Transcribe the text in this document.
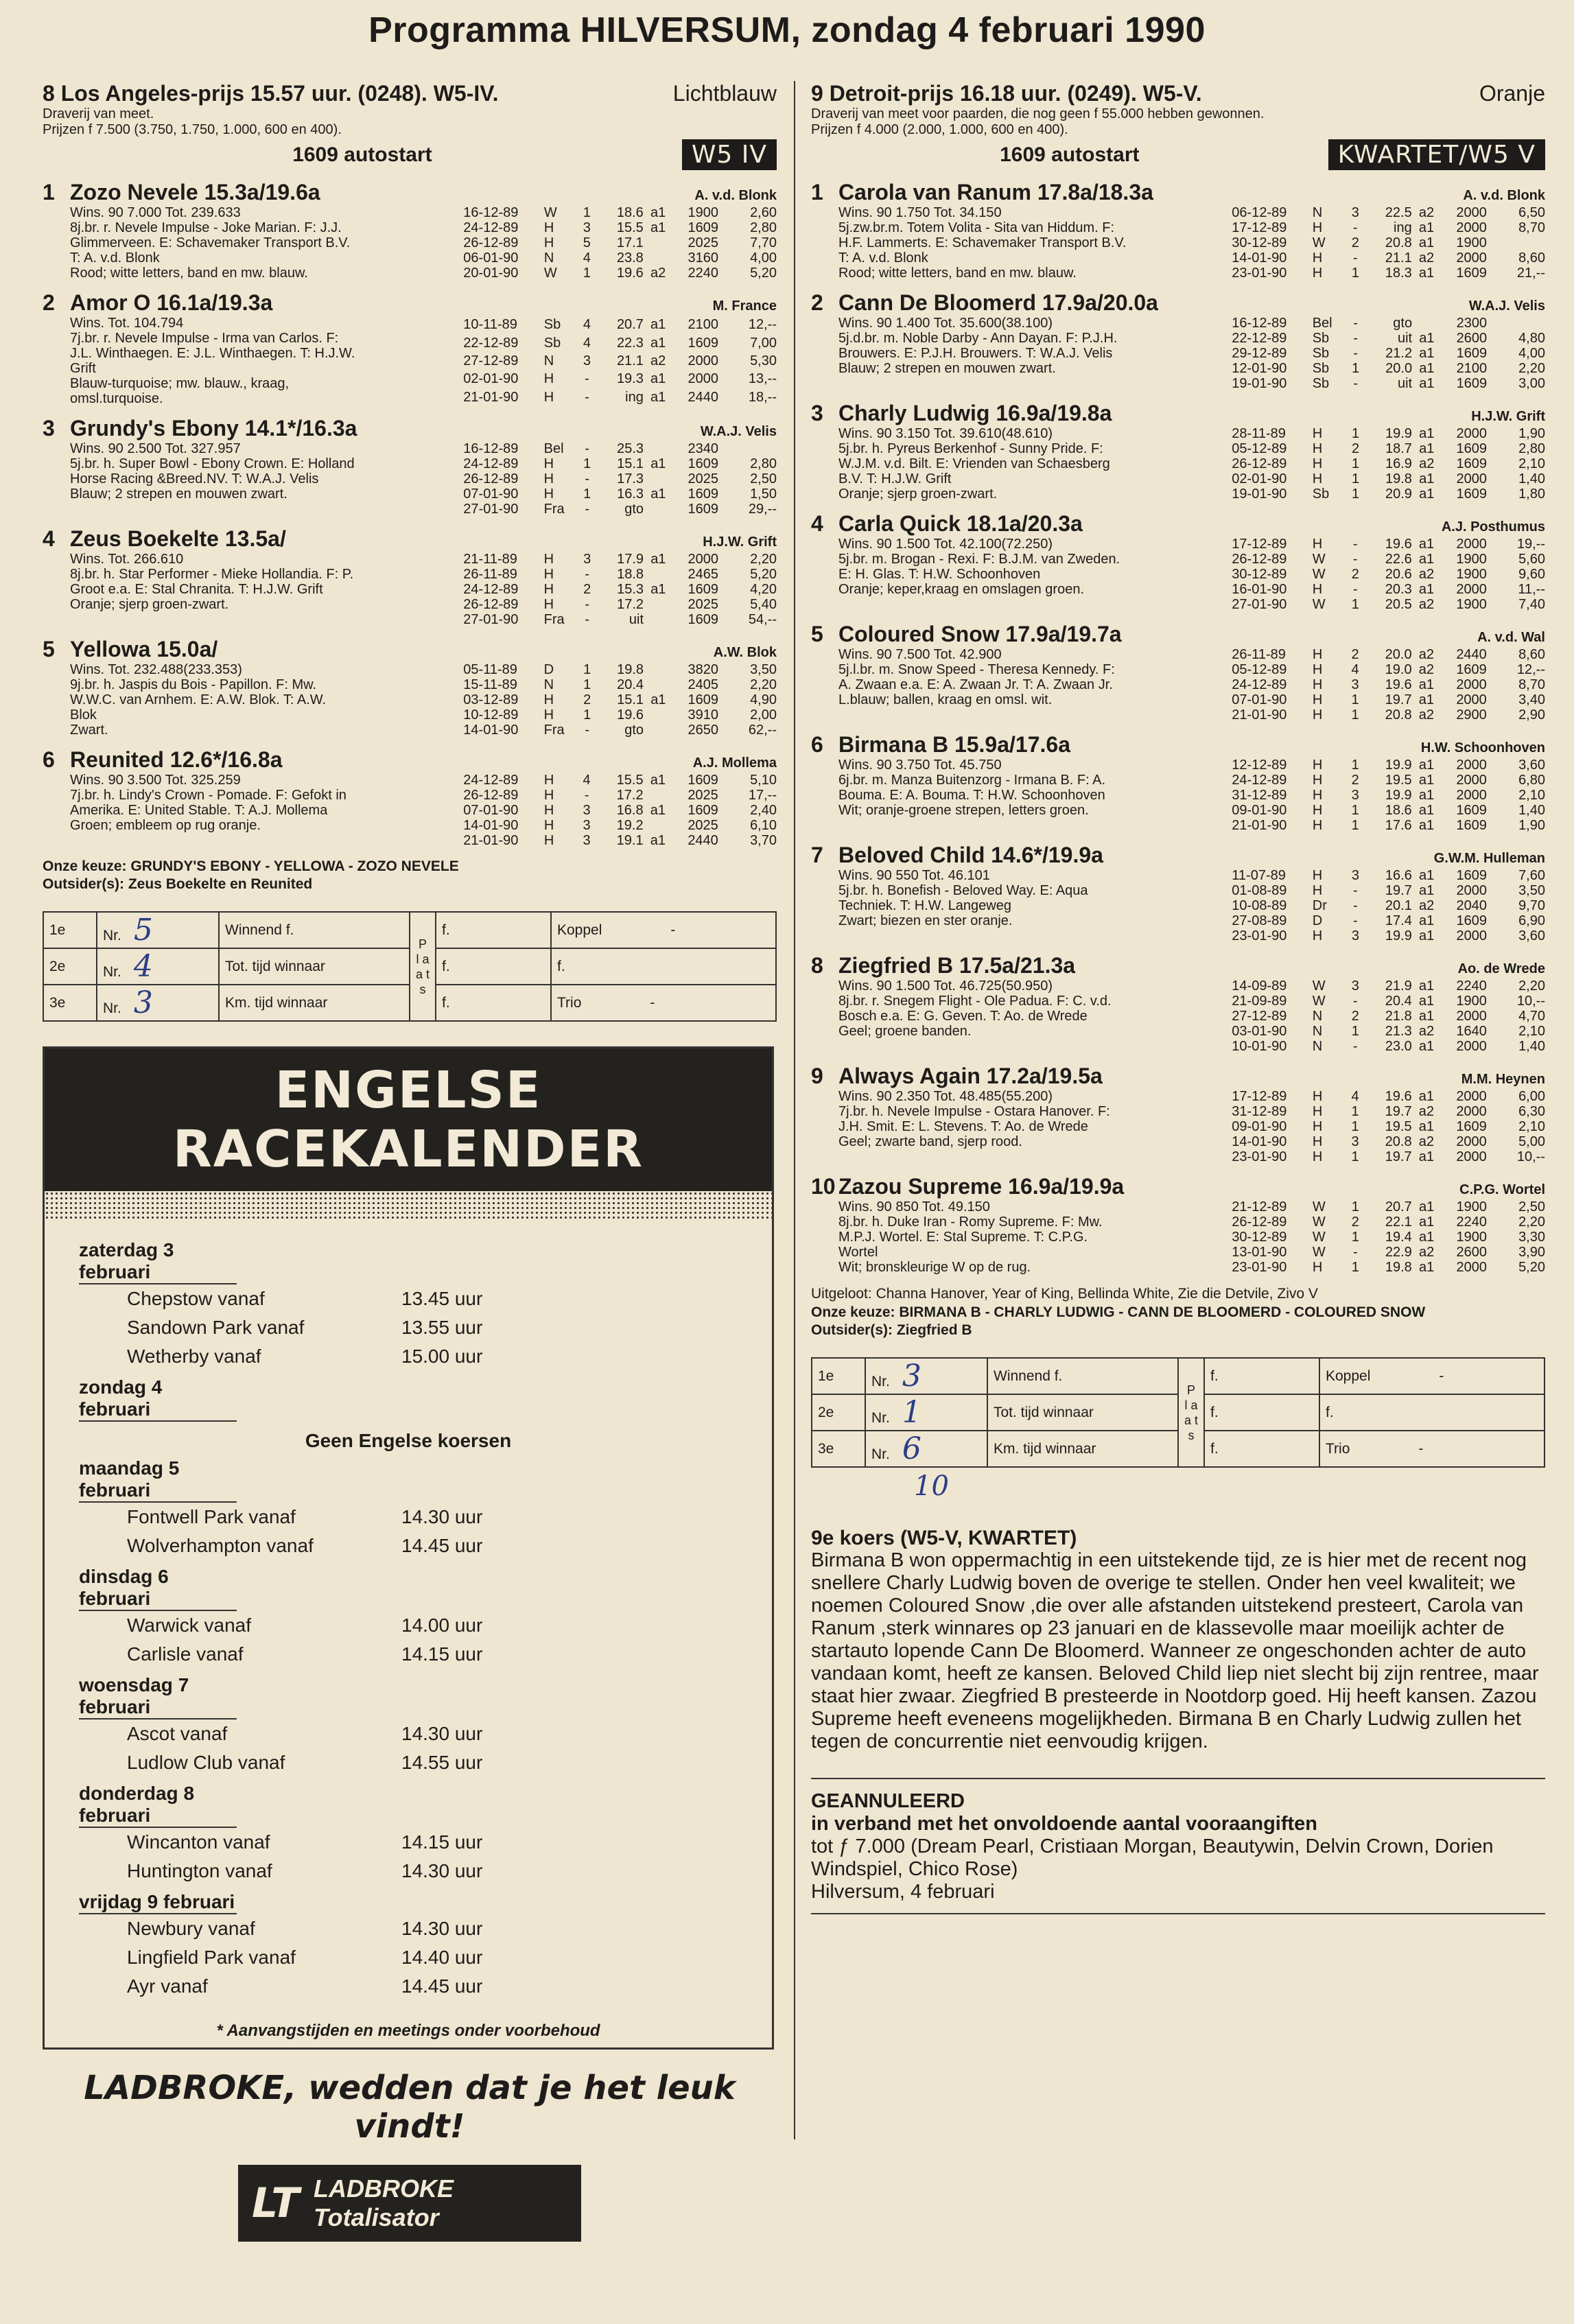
Programma HILVERSUM, zondag 4 februari 1990
8 Los Angeles-prijs 15.57 uur. (0248). W5-IV.	Lichtblauw
Draverij van meet.
Prijzen f 7.500 (3.750, 1.750, 1.000, 600 en 400).
1609 autostart	W5 IV
1 Zozo Nevele 15.3a/19.6a	A. v.d. Blonk
Wins. 90 7.000 Tot. 239.633
8j.br. r. Nevele Impulse - Joke Marian. F: J.J.
Glimmerveen. E: Schavemaker Transport B.V.
T: A. v.d. Blonk
Rood; witte letters, band en mw. blauw.
16-12-89	W	1	18.6	a1	1900	2,60
24-12-89	H	3	15.5	a1	1609	2,80
26-12-89	H	5	17.1		2025	7,70
06-01-90	N	4	23.8		3160	4,00
20-01-90	W	1	19.6	a2	2240	5,20
2 Amor O 16.1a/19.3a	M. France
Wins. Tot. 104.794
7j.br. r. Nevele Impulse - Irma van Carlos. F:
J.L. Winthaegen. E: J.L. Winthaegen. T: H.J.W.
Grift
Blauw-turquoise; mw. blauw., kraag,
omsl.turquoise.
10-11-89	Sb	4	20.7	a1	2100	12,--
22-12-89	Sb	4	22.3	a1	1609	7,00
27-12-89	N	3	21.1	a2	2000	5,30
02-01-90	H	-	19.3	a1	2000	13,--
21-01-90	H	-	ing	a1	2440	18,--
3 Grundy's Ebony 14.1*/16.3a	W.A.J. Velis
Wins. 90 2.500 Tot. 327.957
5j.br. h. Super Bowl - Ebony Crown. E: Holland
Horse Racing &Breed.NV. T: W.A.J. Velis
Blauw; 2 strepen en mouwen zwart.
16-12-89	Bel	-	25.3		2340	
24-12-89	H	1	15.1	a1	1609	2,80
26-12-89	H	-	17.3		2025	2,50
07-01-90	H	1	16.3	a1	1609	1,50
27-01-90	Fra	-	gto		1609	29,--
4 Zeus Boekelte 13.5a/	H.J.W. Grift
Wins. Tot. 266.610
8j.br. h. Star Performer - Mieke Hollandia. F: P.
Groot e.a. E: Stal Chranita. T: H.J.W. Grift
Oranje; sjerp groen-zwart.
21-11-89	H	3	17.9	a1	2000	2,20
26-11-89	H	-	18.8		2465	5,20
24-12-89	H	2	15.3	a1	1609	4,20
26-12-89	H	-	17.2		2025	5,40
27-01-90	Fra	-	uit		1609	54,--
5 Yellowa 15.0a/	A.W. Blok
Wins. Tot. 232.488(233.353)
9j.br. h. Jaspis du Bois - Papillon. F: Mw.
W.W.C. van Arnhem. E: A.W. Blok. T: A.W.
Blok
Zwart.
05-11-89	D	1	19.8		3820	3,50
15-11-89	N	1	20.4		2405	2,20
03-12-89	H	2	15.1	a1	1609	4,90
10-12-89	H	1	19.6		3910	2,00
14-01-90	Fra	-	gto		2650	62,--
6 Reunited 12.6*/16.8a	A.J. Mollema
Wins. 90 3.500 Tot. 325.259
7j.br. h. Lindy's Crown - Pomade. F: Gefokt in
Amerika. E: United Stable. T: A.J. Mollema
Groen; embleem op rug oranje.
24-12-89	H	4	15.5	a1	1609	5,10
26-12-89	H	-	17.2		2025	17,--
07-01-90	H	3	16.8	a1	1609	2,40
14-01-90	H	3	19.2		2025	6,10
21-01-90	H	3	19.1	a1	2440	3,70
Onze keuze: GRUNDY'S EBONY - YELLOWA - ZOZO NEVELE
Outsider(s): Zeus Boekelte en Reunited
1e	Nr. 5	Winnend f.	P l a a t s	f.	Koppel -
2e	Nr. 4	Tot. tijd winnaar		f.	f.
3e	Nr. 3	Km. tijd winnaar		f.	Trio -
ENGELSE RACEKALENDER
zaterdag 3 februari
Chepstow vanaf	13.45 uur
Sandown Park vanaf	13.55 uur
Wetherby vanaf	15.00 uur
zondag 4 februari
Geen Engelse koersen
maandag 5 februari
Fontwell Park vanaf	14.30 uur
Wolverhampton vanaf	14.45 uur
dinsdag 6 februari
Warwick vanaf	14.00 uur
Carlisle vanaf	14.15 uur
woensdag 7 februari
Ascot vanaf	14.30 uur
Ludlow Club vanaf	14.55 uur
donderdag 8 februari
Wincanton vanaf	14.15 uur
Huntington vanaf	14.30 uur
vrijdag 9 februari
Newbury vanaf	14.30 uur
Lingfield Park vanaf	14.40 uur
Ayr vanaf	14.45 uur
* Aanvangstijden en meetings onder voorbehoud
LADBROKE, wedden dat je het leuk vindt!
LT LADBROKE
Totalisator
9 Detroit-prijs 16.18 uur. (0249). W5-V.	Oranje
Draverij van meet voor paarden, die nog geen f 55.000 hebben gewonnen.
Prijzen f 4.000 (2.000, 1.000, 600 en 400).
1609 autostart	KWARTET/W5 V
1 Carola van Ranum 17.8a/18.3a	A. v.d. Blonk
Wins. 90 1.750 Tot. 34.150
5j.zw.br.m. Totem Volita - Sita van Hiddum. F:
H.F. Lammerts. E: Schavemaker Transport B.V.
T: A. v.d. Blonk
Rood; witte letters, band en mw. blauw.
06-12-89	N	3	22.5	a2	2000	6,50
17-12-89	H	-	ing	a1	2000	8,70
30-12-89	W	2	20.8	a1	1900	
14-01-90	H	-	21.1	a2	2000	8,60
23-01-90	H	1	18.3	a1	1609	21,--
2 Cann De Bloomerd 17.9a/20.0a	W.A.J. Velis
Wins. 90 1.400 Tot. 35.600(38.100)
5j.d.br. m. Noble Darby - Ann Dayan. F: P.J.H.
Brouwers. E: P.J.H. Brouwers. T: W.A.J. Velis
Blauw; 2 strepen en mouwen zwart.
16-12-89	Bel	-	gto		2300	
22-12-89	Sb	-	uit	a1	2600	4,80
29-12-89	Sb	-	21.2	a1	1609	4,00
12-01-90	Sb	1	20.0	a1	2100	2,20
19-01-90	Sb	-	uit	a1	1609	3,00
3 Charly Ludwig 16.9a/19.8a	H.J.W. Grift
Wins. 90 3.150 Tot. 39.610(48.610)
5j.br. h. Pyreus Berkenhof - Sunny Pride. F:
W.J.M. v.d. Bilt. E: Vrienden van Schaesberg
B.V. T: H.J.W. Grift
Oranje; sjerp groen-zwart.
28-11-89	H	1	19.9	a1	2000	1,90
05-12-89	H	2	18.7	a1	1609	2,80
26-12-89	H	1	16.9	a2	1609	2,10
02-01-90	H	1	19.8	a1	2000	1,40
19-01-90	Sb	1	20.9	a1	1609	1,80
4 Carla Quick 18.1a/20.3a	A.J. Posthumus
Wins. 90 1.500 Tot. 42.100(72.250)
5j.br. m. Brogan - Rexi. F: B.J.M. van Zweden.
E: H. Glas. T: H.W. Schoonhoven
Oranje; keper,kraag en omslagen groen.
17-12-89	H	-	19.6	a1	2000	19,--
26-12-89	W	-	22.6	a1	1900	5,60
30-12-89	W	2	20.6	a2	1900	9,60
16-01-90	H	-	20.3	a1	2000	11,--
27-01-90	W	1	20.5	a2	1900	7,40
5 Coloured Snow 17.9a/19.7a	A. v.d. Wal
Wins. 90 7.500 Tot. 42.900
5j.l.br. m. Snow Speed - Theresa Kennedy. F:
A. Zwaan e.a. E: A. Zwaan Jr. T: A. Zwaan Jr.
L.blauw; ballen, kraag en omsl. wit.
26-11-89	H	2	20.0	a2	2440	8,60
05-12-89	H	4	19.0	a2	1609	12,--
24-12-89	H	3	19.6	a1	2000	8,70
07-01-90	H	1	19.7	a1	2000	3,40
21-01-90	H	1	20.8	a2	2900	2,90
6 Birmana B 15.9a/17.6a	H.W. Schoonhoven
Wins. 90 3.750 Tot. 45.750
6j.br. m. Manza Buitenzorg - Irmana B. F: A.
Bouma. E: A. Bouma. T: H.W. Schoonhoven
Wit; oranje-groene strepen, letters groen.
12-12-89	H	1	19.9	a1	2000	3,60
24-12-89	H	2	19.5	a1	2000	6,80
31-12-89	H	3	19.9	a1	2000	2,10
09-01-90	H	1	18.6	a1	1609	1,40
21-01-90	H	1	17.6	a1	1609	1,90
7 Beloved Child 14.6*/19.9a	G.W.M. Hulleman
Wins. 90 550 Tot. 46.101
5j.br. h. Bonefish - Beloved Way. E: Aqua
Techniek. T: H.W. Langeweg
Zwart; biezen en ster oranje.
11-07-89	H	3	16.6	a1	1609	7,60
01-08-89	H	-	19.7	a1	2000	3,50
10-08-89	Dr	-	20.1	a2	2040	9,70
27-08-89	D	-	17.4	a1	1609	6,90
23-01-90	H	3	19.9	a1	2000	3,60
8 Ziegfried B 17.5a/21.3a	Ao. de Wrede
Wins. 90 1.500 Tot. 46.725(50.950)
8j.br. r. Snegem Flight - Ole Padua. F: C. v.d.
Bosch e.a. E: G. Geven. T: Ao. de Wrede
Geel; groene banden.
14-09-89	W	3	21.9	a1	2240	2,20
21-09-89	W	-	20.4	a1	1900	10,--
27-12-89	N	2	21.8	a1	2000	4,70
03-01-90	N	1	21.3	a2	1640	2,10
10-01-90	N	-	23.0	a1	2000	1,40
9 Always Again 17.2a/19.5a	M.M. Heynen
Wins. 90 2.350 Tot. 48.485(55.200)
7j.br. h. Nevele Impulse - Ostara Hanover. F:
J.H. Smit. E: L. Stevens. T: Ao. de Wrede
Geel; zwarte band, sjerp rood.
17-12-89	H	4	19.6	a1	2000	6,00
31-12-89	H	1	19.7	a2	2000	6,30
09-01-90	H	1	19.5	a1	1609	2,10
14-01-90	H	3	20.8	a2	2000	5,00
23-01-90	H	1	19.7	a1	2000	10,--
10 Zazou Supreme 16.9a/19.9a	C.P.G. Wortel
Wins. 90 850 Tot. 49.150
8j.br. h. Duke Iran - Romy Supreme. F: Mw.
M.P.J. Wortel. E: Stal Supreme. T: C.P.G.
Wortel
Wit; bronskleurige W op de rug.
21-12-89	W	1	20.7	a1	1900	2,50
26-12-89	W	2	22.1	a1	2240	2,20
30-12-89	W	1	19.4	a1	1900	3,30
13-01-90	W	-	22.9	a2	2600	3,90
23-01-90	H	1	19.8	a1	2000	5,20
Uitgeloot: Channa Hanover, Year of King, Bellinda White, Zie die Detvile, Zivo V
Onze keuze: BIRMANA B - CHARLY LUDWIG - CANN DE BLOOMERD - COLOURED SNOW
Outsider(s): Ziegfried B
1e	Nr. 3	Winnend f.	P l a a t s	f.	Koppel -
2e	Nr. 1	Tot. tijd winnaar		f.	f.
3e	Nr. 6	Km. tijd winnaar		f.	Trio -
10
9e koers (W5-V, KWARTET)
Birmana B won oppermachtig in een uitstekende tijd, ze is hier met de recent nog snellere Charly Ludwig boven de overige te stellen. Onder hen veel kwaliteit; we noemen Coloured Snow ,die over alle afstanden uitstekend presteert, Carola van Ranum ,sterk winnares op 23 januari en de klassevolle maar moeilijk achter de startauto lopende Cann De Bloomerd. Wanneer ze ongeschonden achter de auto vandaan komt, heeft ze kansen. Beloved Child liep niet slecht bij zijn rentree, maar staat hier zwaar. Ziegfried B presteerde in Nootdorp goed. Hij heeft kansen. Zazou Supreme heeft eveneens mogelijkheden. Birmana B en Charly Ludwig zullen het tegen de concurrentie niet eenvoudig krijgen.
GEANNULEERD
in verband met het onvoldoende aantal vooraangiften
tot ƒ 7.000 (Dream Pearl, Cristiaan Morgan, Beautywin, Delvin Crown, Dorien Windspiel, Chico Rose)
Hilversum, 4 februari
